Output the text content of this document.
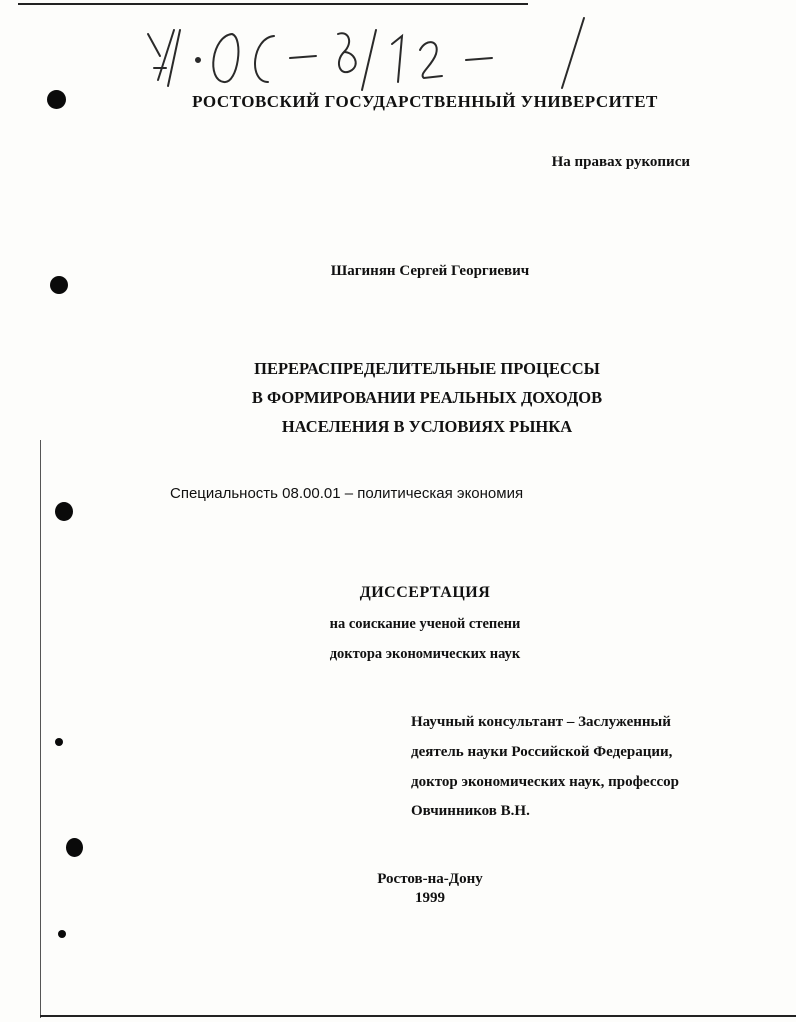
РОСТОВСКИЙ ГОСУДАРСТВЕННЫЙ УНИВЕРСИТЕТ
На правах рукописи
Шагинян Сергей Георгиевич
ПЕРЕРАСПРЕДЕЛИТЕЛЬНЫЕ ПРОЦЕССЫ
В ФОРМИРОВАНИИ РЕАЛЬНЫХ ДОХОДОВ
НАСЕЛЕНИЯ В УСЛОВИЯХ РЫНКА
Специальность 08.00.01 – политическая экономия
ДИССЕРТАЦИЯ
на соискание ученой степени
доктора экономических наук
Научный консультант – Заслуженный
деятель науки Российской Федерации,
доктор экономических наук, профессор
Овчинников В.Н.
Ростов-на-Дону
1999
